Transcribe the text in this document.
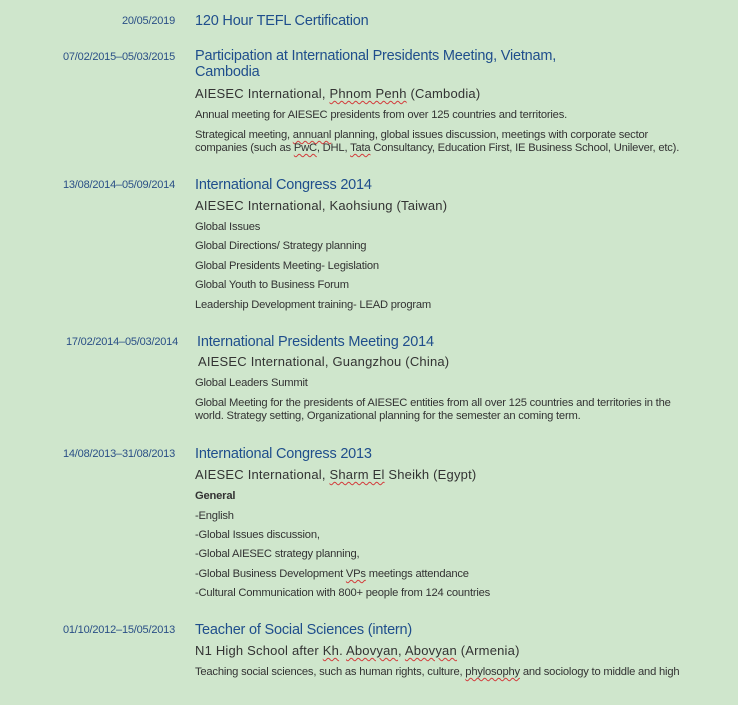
20/05/2019 120 Hour TEFL Certification
07/02/2015–05/03/2015 Participation at International Presidents Meeting, Vietnam,
Cambodia
AIESEC International, Phnom Penh (Cambodia)
Annual meeting for AIESEC presidents from over 125 countries and territories.
Strategical meeting, annuanl planning, global issues discussion, meetings with corporate sector
companies (such as PwC, DHL, Tata Consultancy, Education First, IE Business School, Unilever, etc).
13/08/2014–05/09/2014 International Congress 2014
AIESEC International, Kaohsiung (Taiwan)
Global Issues
Global Directions/ Strategy planning
Global Presidents Meeting- Legislation
Global Youth to Business Forum
Leadership Development training- LEAD program
17/02/2014–05/03/2014 International Presidents Meeting 2014
AIESEC International, Guangzhou (China)
Global Leaders Summit
Global Meeting for the presidents of AIESEC entities from all over 125 countries and territories in the
world. Strategy setting, Organizational planning for the semester an coming term.
14/08/2013–31/08/2013 International Congress 2013
AIESEC International, Sharm El Sheikh (Egypt)
General
-English
-Global Issues discussion,
-Global AIESEC strategy planning,
-Global Business Development VPs meetings attendance
-Cultural Communication with 800+ people from 124 countries
01/10/2012–15/05/2013 Teacher of Social Sciences (intern)
N1 High School after Kh. Abovyan, Abovyan (Armenia)
Teaching social sciences, such as human rights, culture, phylosophy and sociology to middle and high
